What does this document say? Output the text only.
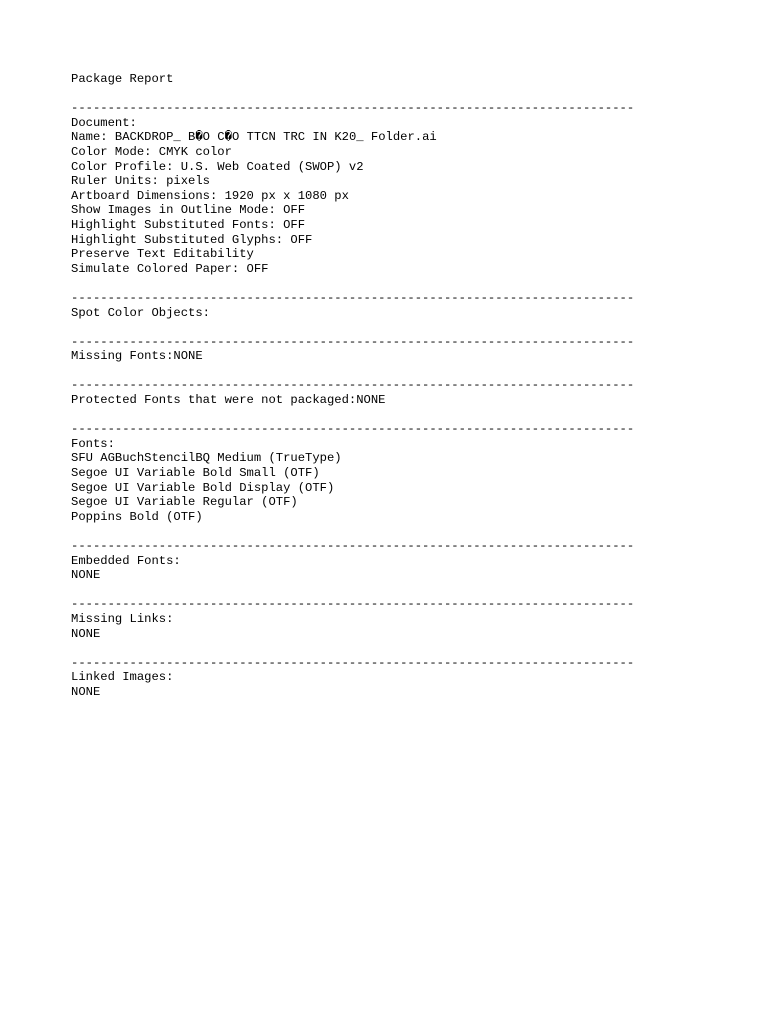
Package Report
-----------------------------------------------------------------------------
Document:
Name: BACKDROP_ B�O C�O TTCN TRC IN K20_ Folder.ai
Color Mode: CMYK color
Color Profile: U.S. Web Coated (SWOP) v2
Ruler Units: pixels
Artboard Dimensions: 1920 px x 1080 px
Show Images in Outline Mode: OFF
Highlight Substituted Fonts: OFF
Highlight Substituted Glyphs: OFF
Preserve Text Editability
Simulate Colored Paper: OFF
-----------------------------------------------------------------------------
Spot Color Objects:
-----------------------------------------------------------------------------
Missing Fonts:NONE
-----------------------------------------------------------------------------
Protected Fonts that were not packaged:NONE
-----------------------------------------------------------------------------
Fonts:
SFU AGBuchStencilBQ Medium (TrueType)
Segoe UI Variable Bold Small (OTF)
Segoe UI Variable Bold Display (OTF)
Segoe UI Variable Regular (OTF)
Poppins Bold (OTF)
-----------------------------------------------------------------------------
Embedded Fonts:
NONE
-----------------------------------------------------------------------------
Missing Links:
NONE
-----------------------------------------------------------------------------
Linked Images:
NONE
